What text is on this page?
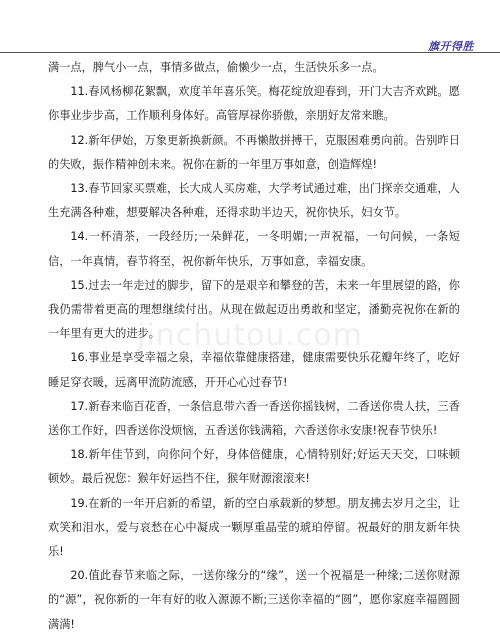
旗开得胜

满一点，脾气小一点，事情多做点，偷懒少一点，生活快乐多一点。

11.春风杨柳花絮飘，欢度羊年喜乐笑。梅花绽放迎春到，开门大吉齐欢跳。愿你事业步步高，工作顺利身体好。高管厚禄你骄傲，亲朋好友常来瞧。

12.新年伊始，万象更新换新颜。不再懒散拼搏干，克服困难勇向前。告别昨日的失败，振作精神创未来。祝你在新的一年里万事如意，创造辉煌!

13.春节回家买票难，长大成人买房难，大学考试通过难，出门探亲交通难，人生充满各种难，想要解决各种难，还得求助半边天，祝你快乐，妇女节。

14.一杯清茶，一段经历;一朵鲜花，一冬明媚;一声祝福，一句问候，一条短信，一年真情，春节将至，祝你新年快乐，万事如意，幸福安康。

15.过去一年走过的脚步，留下的是艰辛和攀登的苦，未来一年里展望的路，你我仍需带着更高的理想继续付出。从现在做起迈出勇敢和坚定，潘勤亮祝你在新的一年里有更大的进步。

16.事业是享受幸福之泉，幸福依靠健康搭建，健康需要快乐花瓣年终了，吃好睡足穿衣暖，远离甲流防流感，开开心心过春节!

17.新春来临百花香，一条信息带六香一香送你摇钱树，二香送你贵人扶，三香送你工作好，四香送你没烦恼，五香送你钱满箱，六香送你永安康!祝春节快乐!

18.新年佳节到，向你问个好，身体倍健康，心情特别好;好运天天交，口味顿顿妙。最后祝您：猴年好运挡不住，猴年财源滚滚来!

19.在新的一年开启新的希望，新的空白承载新的梦想。朋友拂去岁月之尘，让欢笑和泪水，爱与哀愁在心中凝成一颗厚重晶莹的琥珀停留。祝最好的朋友新年快乐!

20.值此春节来临之际，一送你缘分的“缘”，送一个祝福是一种缘;二送你财源的“源”，祝你新的一年有好的收入源源不断;三送你幸福的“圆”，愿你家庭幸福圆圆满满!

jinchutou.com
